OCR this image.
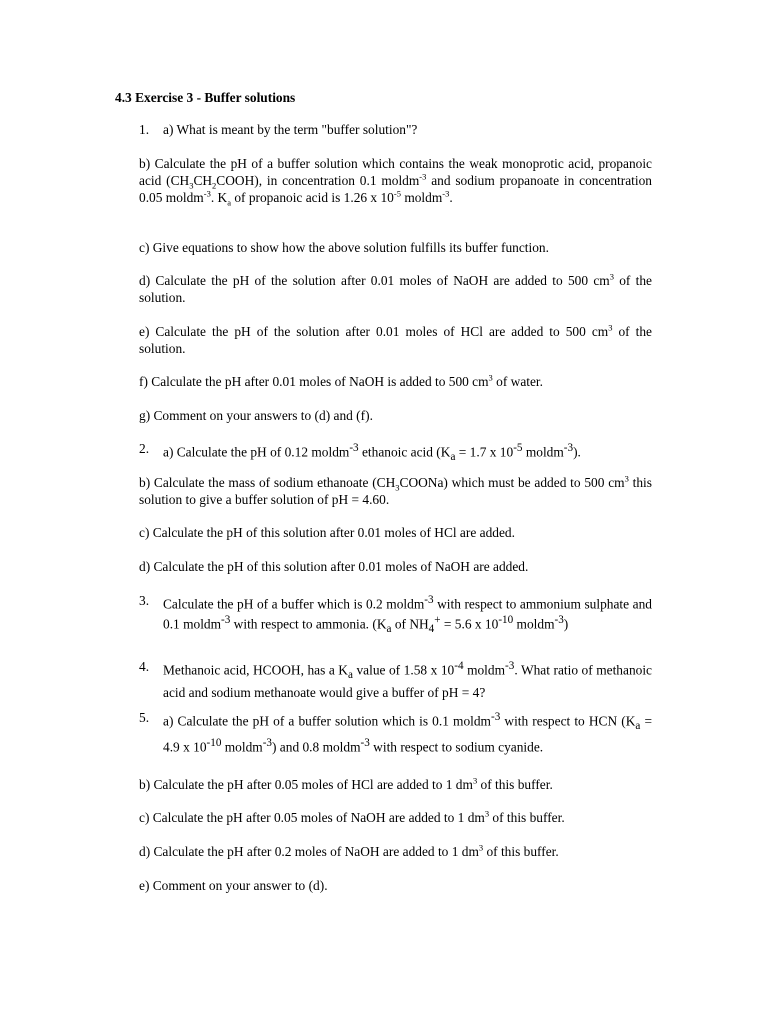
4.3 Exercise 3 - Buffer solutions
1. a) What is meant by the term "buffer solution"?
b) Calculate the pH of a buffer solution which contains the weak monoprotic acid, propanoic acid $(CH_3CH_2COOH)$, in concentration 0.1 moldm$^{-3}$ and sodium propanoate in concentration 0.05 moldm$^{-3}$. $K_a$ of propanoic acid is 1.26 x $10^{-5}$ moldm$^{-3}$.
c) Give equations to show how the above solution fulfills its buffer function.
d) Calculate the pH of the solution after 0.01 moles of NaOH are added to 500 $cm^3$ of the solution.
e) Calculate the pH of the solution after 0.01 moles of HCl are added to 500 $cm^3$ of the solution.
f) Calculate the pH after 0.01 moles of NaOH is added to 500 $cm^3$ of water.
g) Comment on your answers to (d) and (f).
2. a) Calculate the pH of 0.12 moldm$^{-3}$ ethanoic acid ($K_a = 1.7$ x $10^{-5}$ moldm$^{-3}$).
b) Calculate the mass of sodium ethanoate $(CH_3COONa)$ which must be added to 500 $cm^3$ this solution to give a buffer solution of pH = 4.60.
c) Calculate the pH of this solution after 0.01 moles of HCl are added.
d) Calculate the pH of this solution after 0.01 moles of NaOH are added.
3. Calculate the pH of a buffer which is 0.2 moldm$^{-3}$ with respect to ammonium sulphate and 0.1 moldm$^{-3}$ with respect to ammonia. ($K_a$ of $NH_4^+ = 5.6$ x $10^{-10}$ moldm$^{-3}$)
4. Methanoic acid, HCOOH, has a $K_a$ value of 1.58 x $10^{-4}$ moldm$^{-3}$. What ratio of methanoic acid and sodium methanoate would give a buffer of pH = 4?
5. a) Calculate the pH of a buffer solution which is 0.1 moldm$^{-3}$ with respect to HCN ($K_a = 4.9$ x $10^{-10}$ moldm$^{-3}$) and 0.8 moldm$^{-3}$ with respect to sodium cyanide.
b) Calculate the pH after 0.05 moles of HCl are added to 1 $dm^3$ of this buffer.
c) Calculate the pH after 0.05 moles of NaOH are added to 1 $dm^3$ of this buffer.
d) Calculate the pH after 0.2 moles of NaOH are added to 1 $dm^3$ of this buffer.
e) Comment on your answer to (d).
